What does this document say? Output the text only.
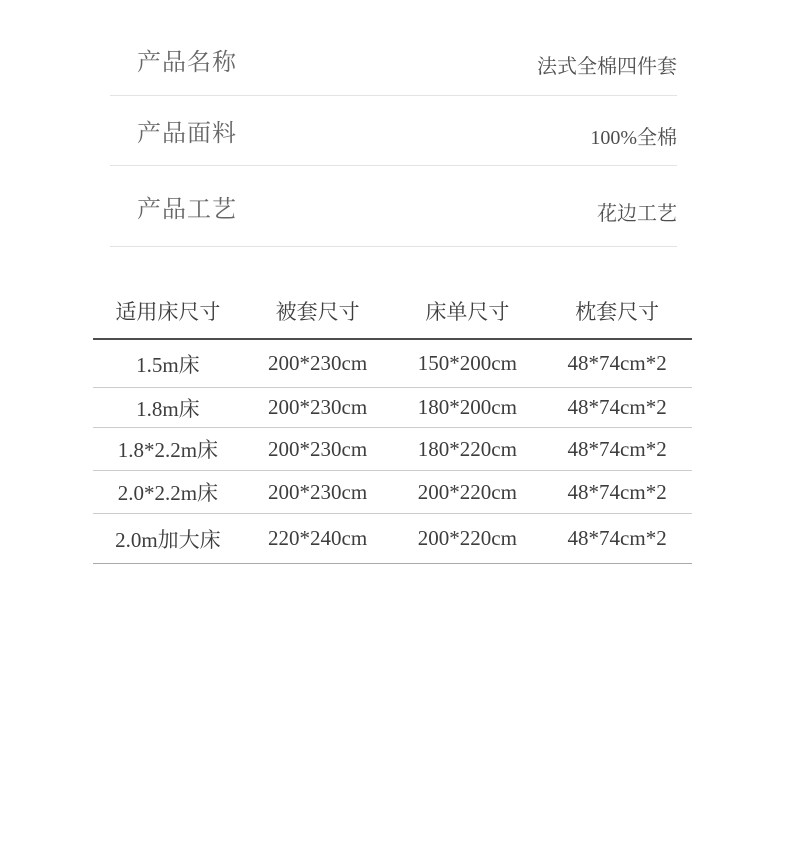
产品名称	法式全棉四件套
产品面料	100%全棉
产品工艺	花边工艺
适用床尺寸	被套尺寸	床单尺寸	枕套尺寸
1.5m床	200*230cm	150*200cm	48*74cm*2
1.8m床	200*230cm	180*200cm	48*74cm*2
1.8*2.2m床	200*230cm	180*220cm	48*74cm*2
2.0*2.2m床	200*230cm	200*220cm	48*74cm*2
2.0m加大床	220*240cm	200*220cm	48*74cm*2
